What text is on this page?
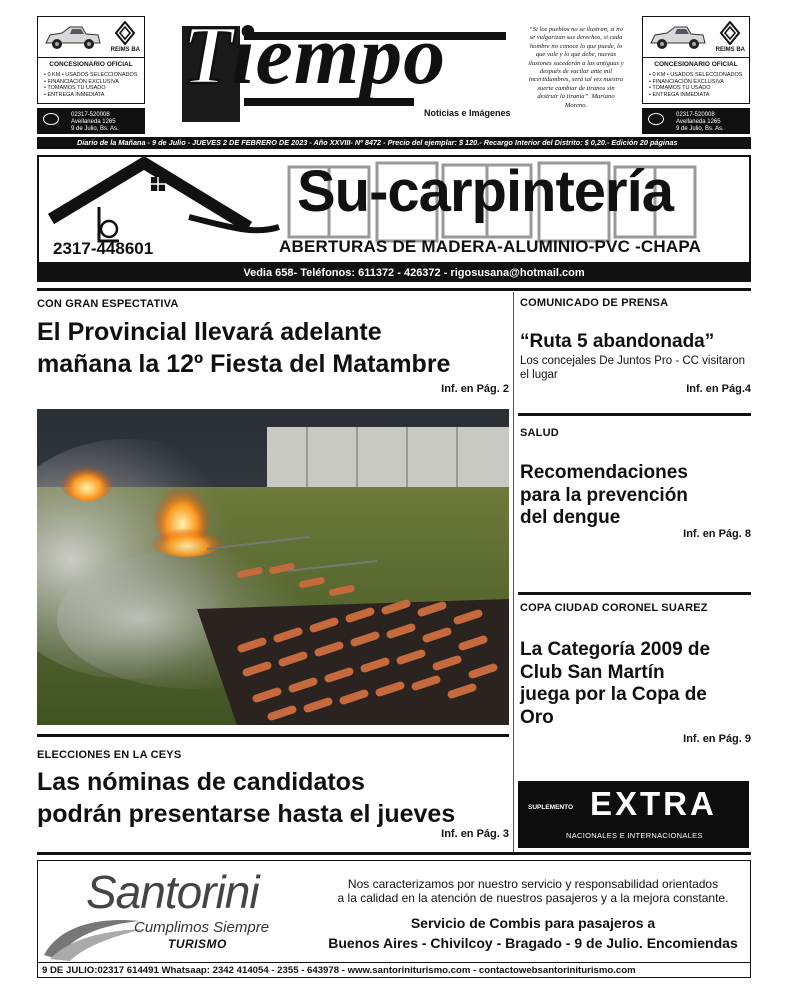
REIMS BA
CONCESIONARIO OFICIAL
• 0 KM • USADOS SELECCIONADOS
• FINANCIACIÓN EXCLUSIVA
• TOMAMOS TU USADO
• ENTREGA INMEDIATA
02317-520008
Avellaneda 1265
9 de Julio, Bs. As.
Tiempo
Noticias e Imágenes
“Si los pueblos no se ilustran, si no se vulgarizan sus derechos, si cada hombre no conoce lo que puede, lo que vale y lo que debe, nuevas ilusiones sucederán a las antiguas y después de vacilar ante mil incertidumbres, será tal vez nuestra suerte cambiar de tiranos sin destruir la tiranía”. Mariano Moreno.
REIMS BA
CONCESIONARIO OFICIAL
• 0 KM • USADOS SELECCIONADOS
• FINANCIACIÓN EXCLUSIVA
• TOMAMOS TU USADO
• ENTREGA INMEDIATA
02317-520008
Avellaneda 1265
9 de Julio, Bs. As.
Diario de la Mañana - 9 de Julio - JUEVES 2 DE FEBRERO DE 2023 - Año XXVIII- Nº 8472 - Precio del ejemplar: $ 120.- Recargo Interior del Distrito: $ 0,20.- Edición 20 páginas
Su-carpintería
2317-448601	ABERTURAS DE MADERA-ALUMINIO-PVC -CHAPA
Vedia 658- Teléfonos: 611372 - 426372 - rigosusana@hotmail.com
CON GRAN ESPECTATIVA
El Provincial llevará adelante
mañana la 12º Fiesta del Matambre
Inf. en Pág. 2
ELECCIONES EN LA CEYS
Las nóminas de candidatos
podrán presentarse hasta el jueves
Inf. en Pág. 3
COMUNICADO DE PRENSA
“Ruta 5 abandonada”
Los concejales De Juntos Pro - CC visitaron
el lugar
Inf. en Pág.4
SALUD
Recomendaciones
para la prevención
del dengue
Inf. en Pág. 8
COPA CIUDAD CORONEL SUAREZ
La Categoría 2009 de
Club San Martín
juega por la Copa de
Oro
Inf. en Pág. 9
SUPLEMENTO EXTRA
NACIONALES E INTERNACIONALES
Santorini
Cumplimos Siempre
TURISMO
Nos caracterizamos por nuestro servicio y responsabilidad orientados
a la calidad en la atención de nuestros pasajeros y a la mejora constante.
Servicio de Combis para pasajeros a
Buenos Aires - Chivilcoy - Bragado - 9 de Julio. Encomiendas
9 DE JULIO:02317 614491 Whatsaap: 2342 414054 - 2355 - 643978 - www.santoriniturismo.com - contactowebsantoriniturismo.com
